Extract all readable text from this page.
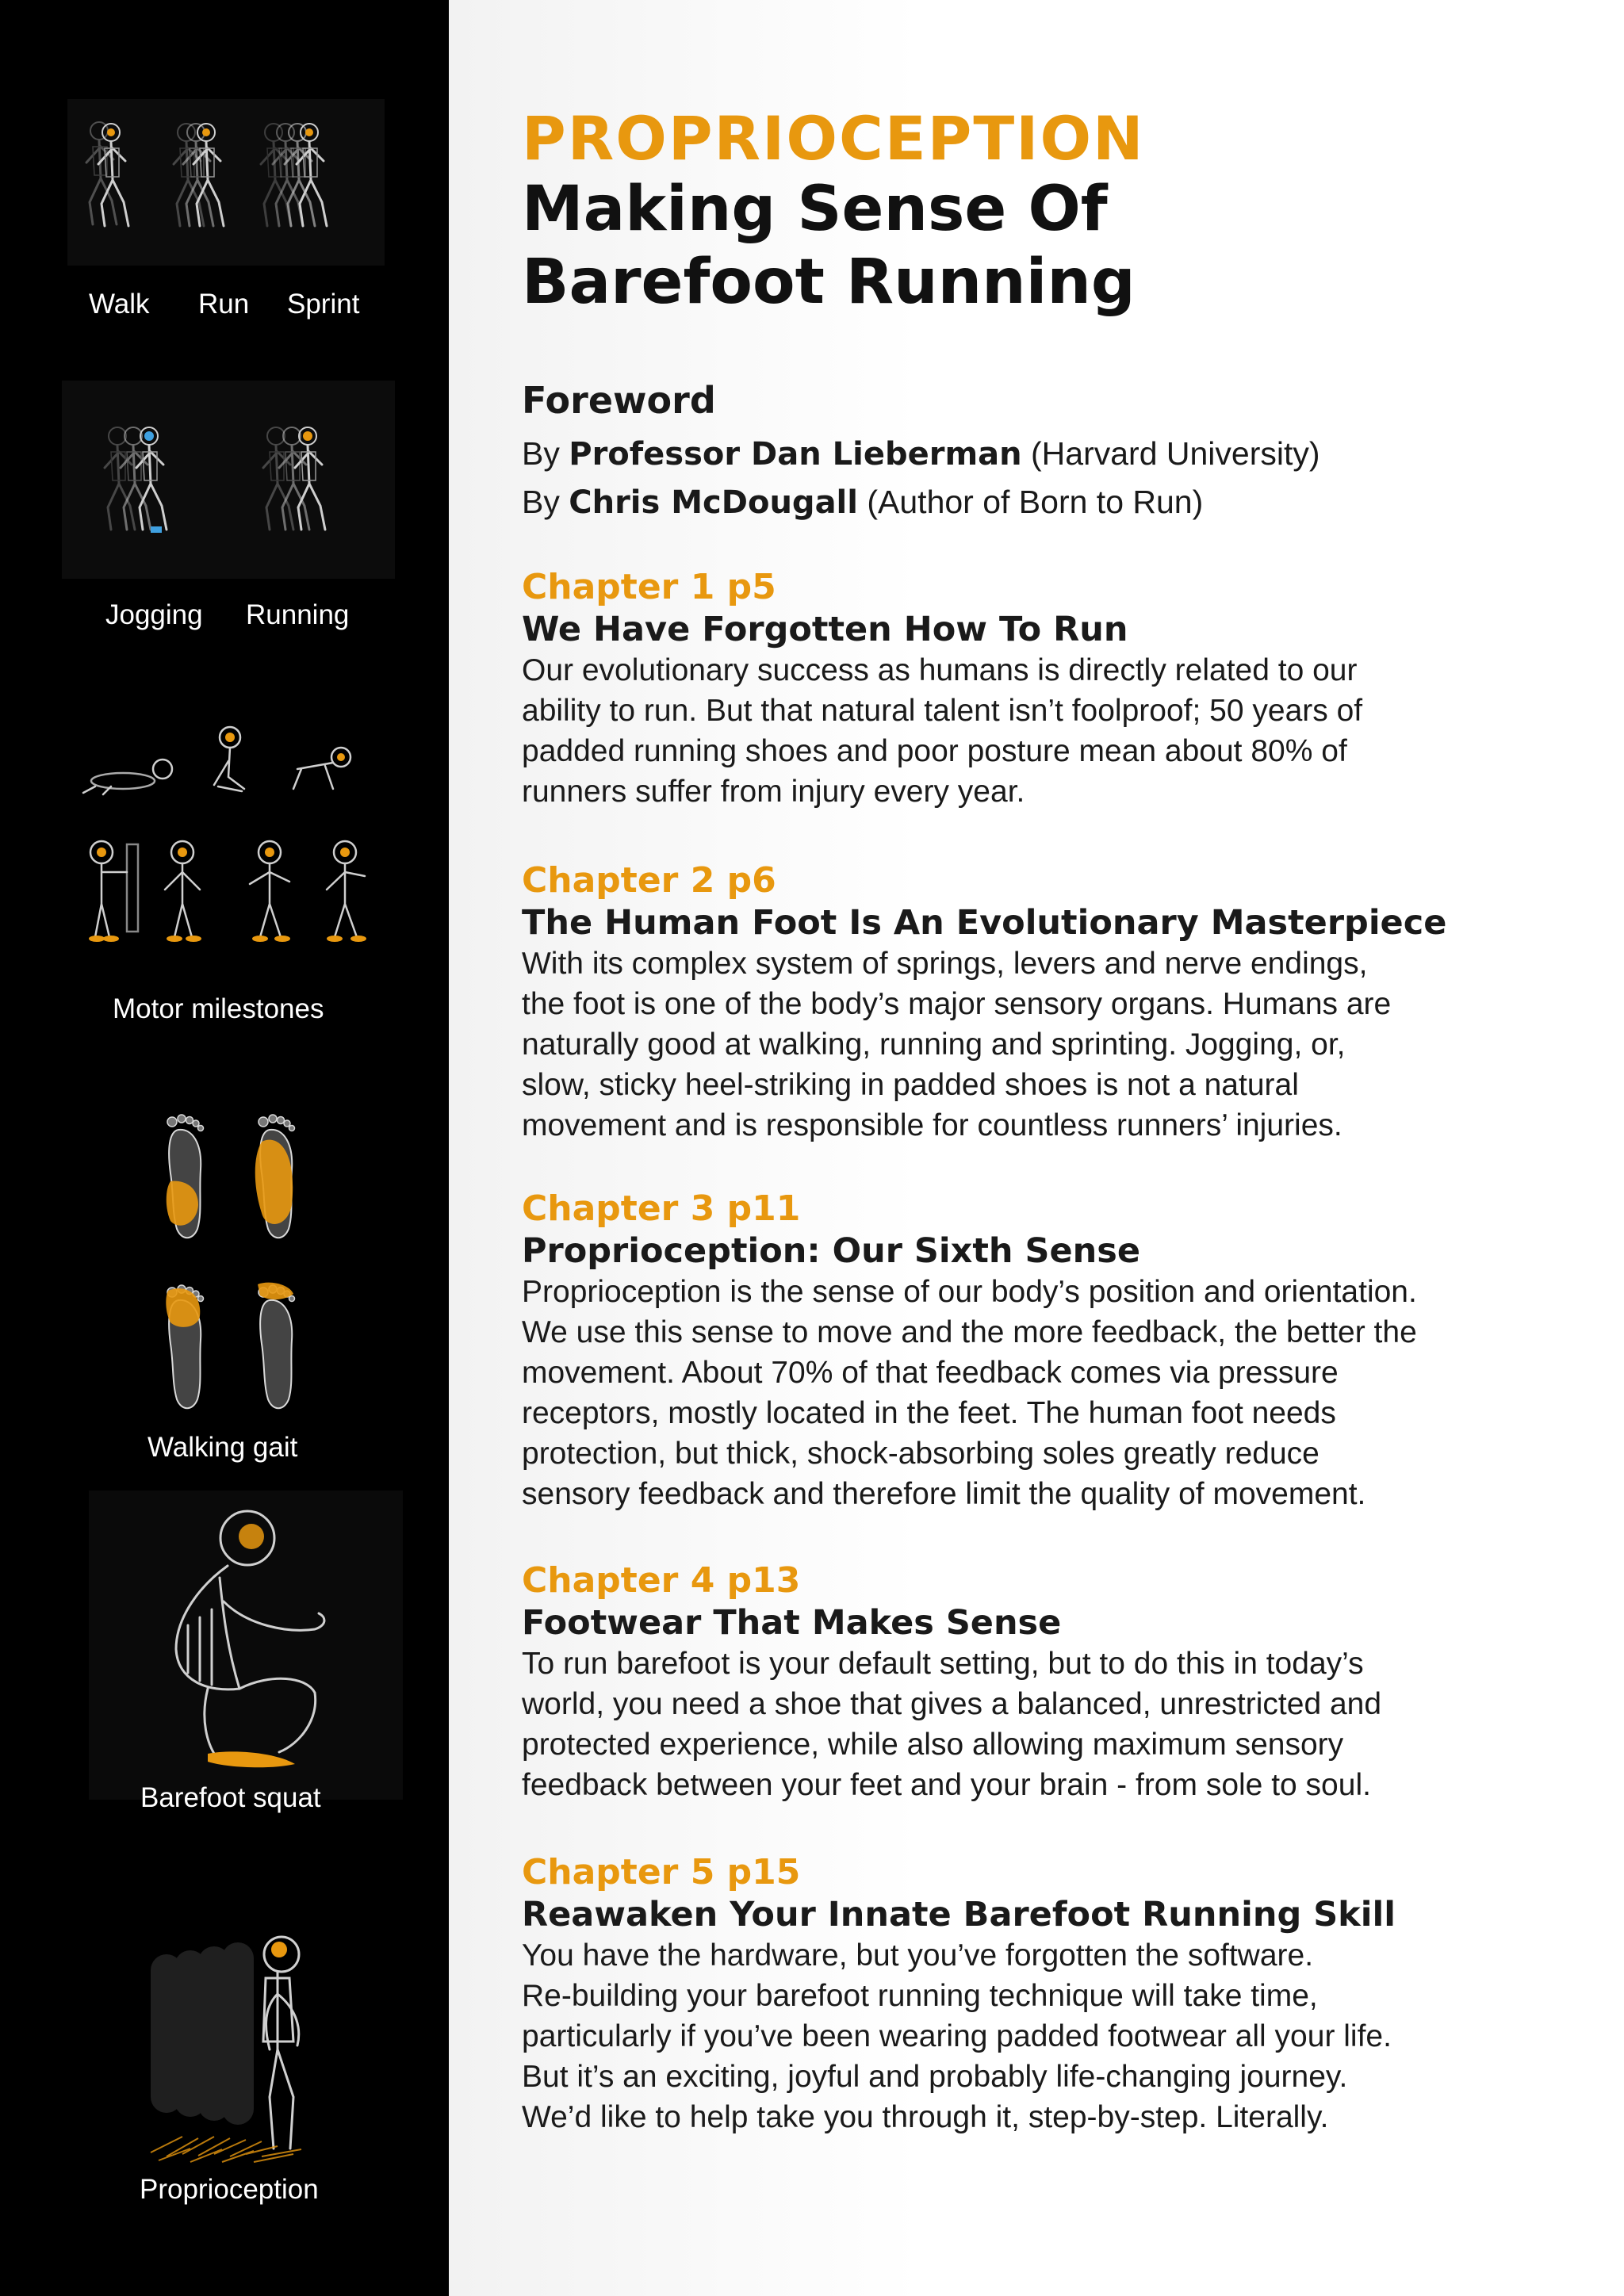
Walk Run Sprint
Jogging Running
Motor milestones
Walking gait
Barefoot squat
Proprioception
PROPRIOCEPTION
Making Sense Of
Barefoot Running
Foreword
By Professor Dan Lieberman (Harvard University)
By Chris McDougall (Author of Born to Run)
Chapter 1 p5
We Have Forgotten How To Run
Our evolutionary success as humans is directly related to our
ability to run. But that natural talent isn’t foolproof; 50 years of
padded running shoes and poor posture mean about 80% of
runners suffer from injury every year.
Chapter 2 p6
The Human Foot Is An Evolutionary Masterpiece
With its complex system of springs, levers and nerve endings,
the foot is one of the body’s major sensory organs. Humans are
naturally good at walking, running and sprinting. Jogging, or,
slow, sticky heel-striking in padded shoes is not a natural
movement and is responsible for countless runners’ injuries.
Chapter 3 p11
Proprioception: Our Sixth Sense
Proprioception is the sense of our body’s position and orientation.
We use this sense to move and the more feedback, the better the
movement. About 70% of that feedback comes via pressure
receptors, mostly located in the feet. The human foot needs
protection, but thick, shock-absorbing soles greatly reduce
sensory feedback and therefore limit the quality of movement.
Chapter 4 p13
Footwear That Makes Sense
To run barefoot is your default setting, but to do this in today’s
world, you need a shoe that gives a balanced, unrestricted and
protected experience, while also allowing maximum sensory
feedback between your feet and your brain - from sole to soul.
Chapter 5 p15
Reawaken Your Innate Barefoot Running Skill
You have the hardware, but you’ve forgotten the software.
Re-building your barefoot running technique will take time,
particularly if you’ve been wearing padded footwear all your life.
But it’s an exciting, joyful and probably life-changing journey.
We’d like to help take you through it, step-by-step. Literally.
